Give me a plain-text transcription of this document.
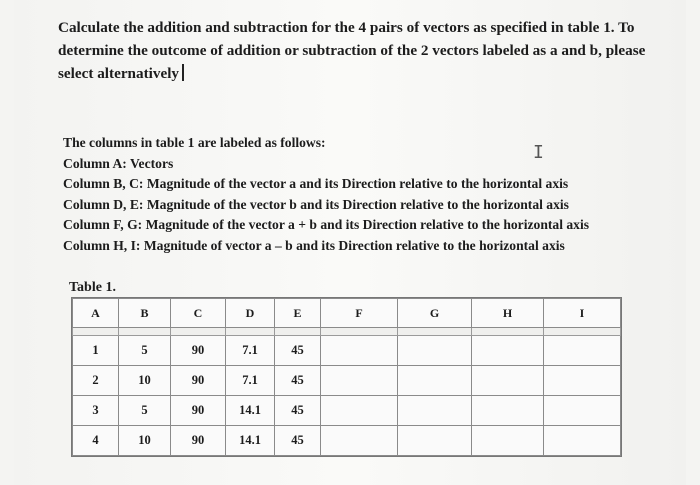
Calculate the addition and subtraction for the 4 pairs of vectors as specified in table 1. To
determine the outcome of addition or subtraction of the 2 vectors labeled as a and b, please
select alternatively
The columns in table 1 are labeled as follows:
Column A: Vectors
Column B, C: Magnitude of the vector a and its Direction relative to the horizontal axis
Column D, E: Magnitude of the vector b and its Direction relative to the horizontal axis
Column F, G: Magnitude of the vector a + b and its Direction relative to the horizontal axis
Column H, I: Magnitude of vector a – b and its Direction relative to the horizontal axis
I

Table 1.

A	B	C	D	E	F	G	H	I

1	5	90	7.1	45				
2	10	90	7.1	45				
3	5	90	14.1	45				
4	10	90	14.1	45				
